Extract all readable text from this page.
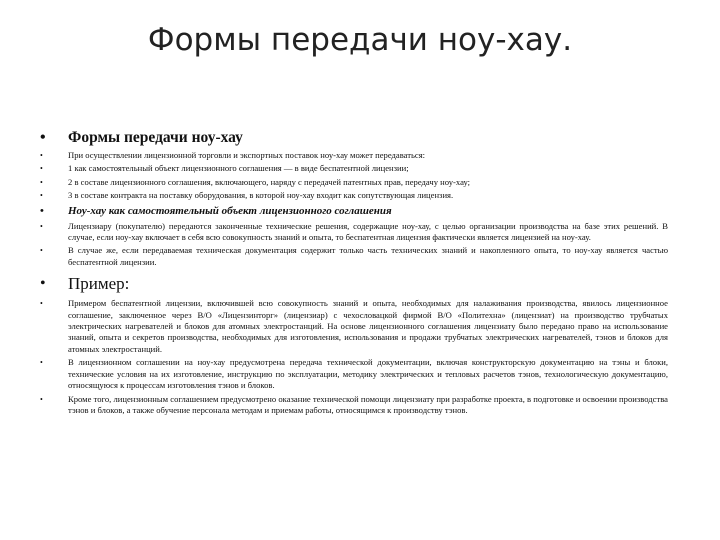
Формы передачи ноу-хау.
• Формы передачи ноу-хау
•	При осуществлении лицензионной торговли и экспортных поставок ноу-хау может передаваться:
•	1 как самостоятельный объект лицензионного соглашения — в виде беспатентной лицензии;
•	2 в составе лицензионного соглашения, включающего, наряду с передачей патентных прав, передачу ноу-хау;
•	3 в составе контракта на поставку оборудования, в которой ноу-хау входит как сопутствующая лицензия.
• Ноу-хау как самостоятельный объект лицензионного соглашения
•	Лицензиару (покупателю) передаются законченные технические решения, содержащие ноу-хау, с целью организации производства на базе этих решений. В случае, если ноу-хау включает в себя всю совокупность знаний и опыта, то беспатентная лицензия фактически является лицензией на ноу-хау.
•	В случае же, если передаваемая техническая документация содержит только часть технических знаний и накопленного опыта, то ноу-хау является частью беспатентной лицензии.
• Пример:
•	Примером беспатентной лицензии, включившей всю совокупность знаний и опыта, необходимых для налаживания производства, явилось лицензионное соглашение, заключенное через В/О «Лицензинторг» (лицензиар) с чехословацкой фирмой В/О «Политехна» (лицензиат) на производство трубчатых электрических нагревателей и блоков для атомных электростанций. На основе лицензионного соглашения лицензиату было передано право на использование знаний, опыта и секретов производства, необходимых для изготовления, использования и продажи трубчатых электрических нагревателей, тэнов и блоков для атомных электростанций.
•	В лицензионном соглашении на ноу-хау предусмотрена передача технической документации, включая конструкторскую документацию на тэны и блоки, технические условия на их изготовление, инструкцию по эксплуатации, методику электрических и тепловых расчетов тэнов, технологическую документацию, относящуюся к процессам изготовления тэнов и блоков.
•	Кроме того, лицензионным соглашением предусмотрено оказание технической помощи лицензиату при разработке проекта, в подготовке и освоении производства тэнов и блоков, а также обучение персонала методам и приемам работы, относящимся к производству тэнов.
